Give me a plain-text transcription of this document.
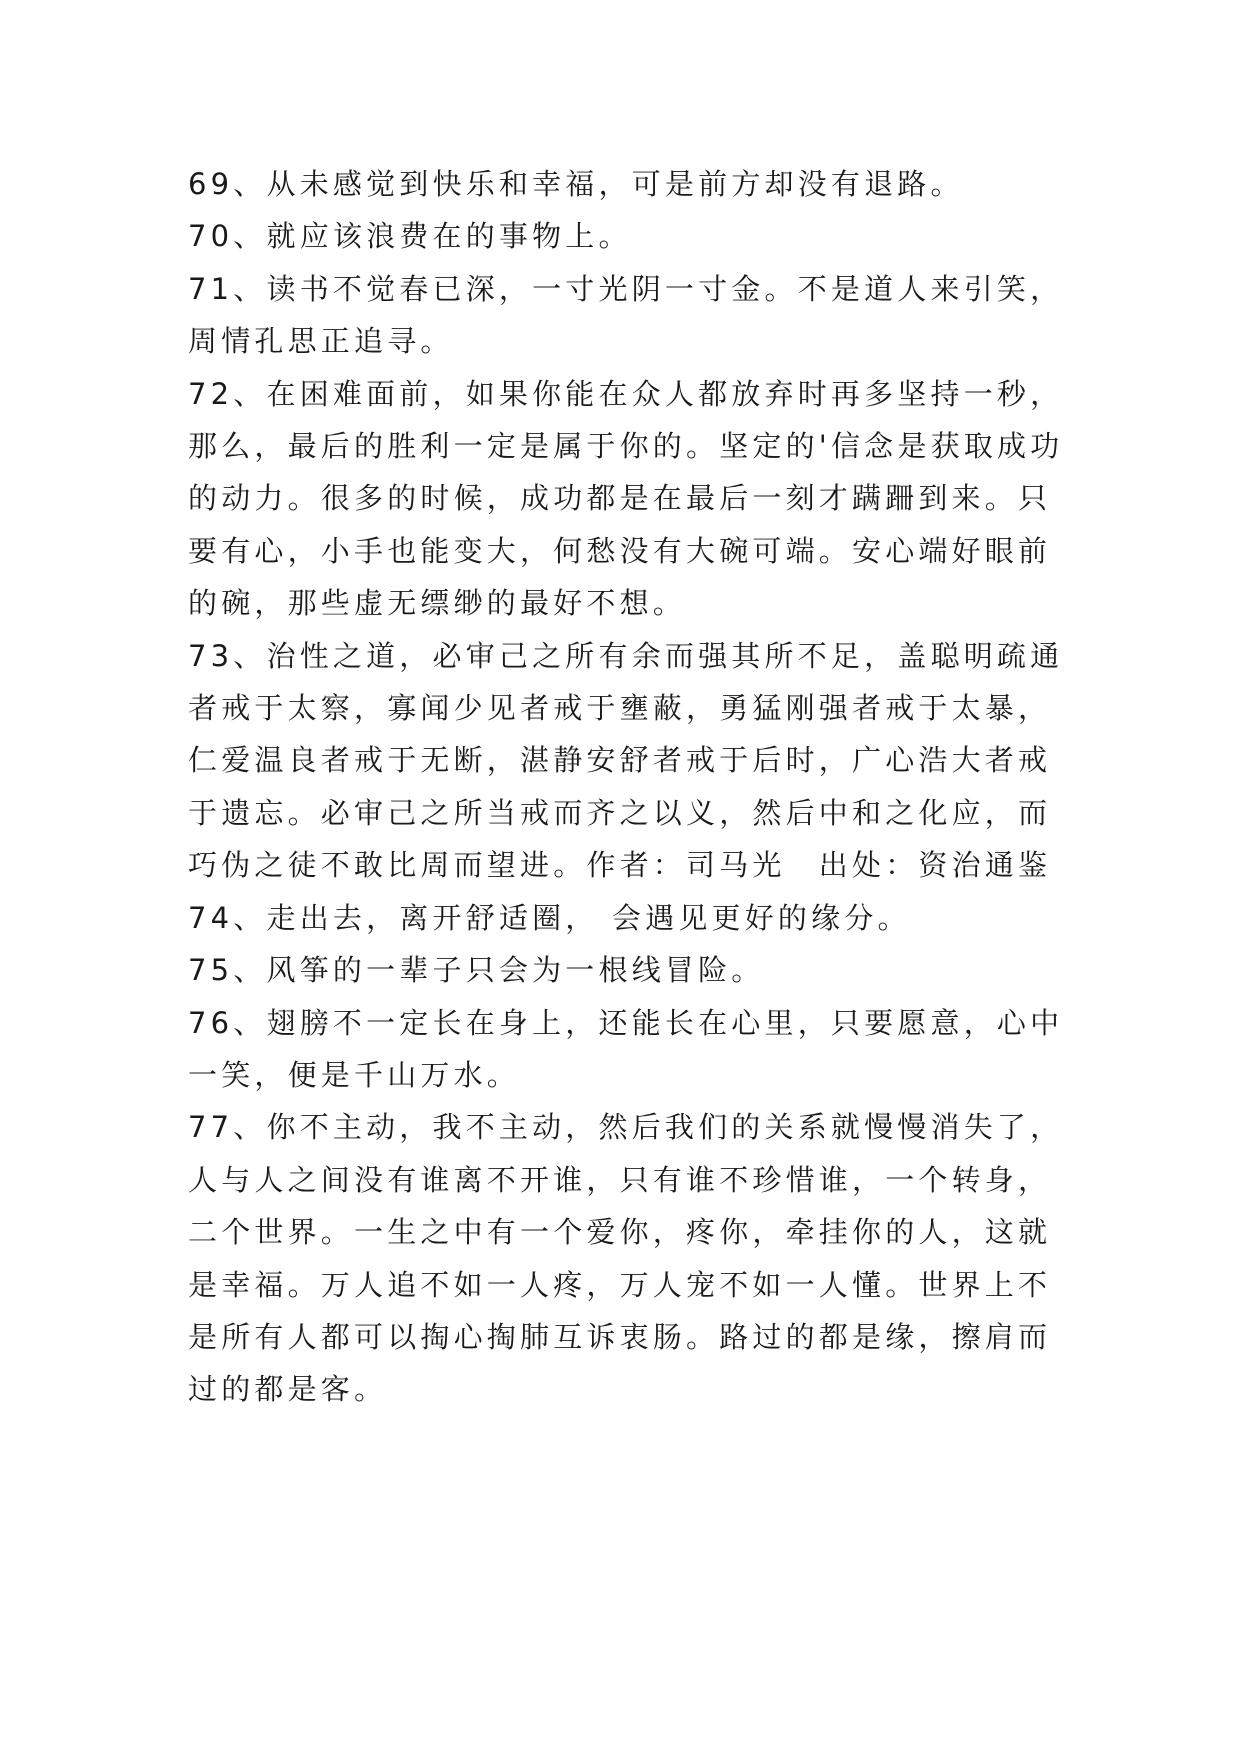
69、从未感觉到快乐和幸福，可是前方却没有退路。

70、就应该浪费在的事物上。

71、读书不觉春已深，一寸光阴一寸金。不是道人来引笑，周情孔思正追寻。

72、在困难面前，如果你能在众人都放弃时再多坚持一秒，那么，最后的胜利一定是属于你的。坚定的'信念是获取成功的动力。很多的时候，成功都是在最后一刻才蹒跚到来。只要有心，小手也能变大，何愁没有大碗可端。安心端好眼前的碗，那些虚无缥缈的最好不想。

73、治性之道，必审己之所有余而强其所不足，盖聪明疏通者戒于太察，寡闻少见者戒于壅蔽，勇猛刚强者戒于太暴，仁爱温良者戒于无断，湛静安舒者戒于后时，广心浩大者戒于遗忘。必审己之所当戒而齐之以义，然后中和之化应，而巧伪之徒不敢比周而望进。作者：司马光　出处：资治通鉴

74、走出去，离开舒适圈， 会遇见更好的缘分。

75、风筝的一辈子只会为一根线冒险。

76、翅膀不一定长在身上，还能长在心里，只要愿意，心中一笑，便是千山万水。

77、你不主动，我不主动，然后我们的关系就慢慢消失了，人与人之间没有谁离不开谁，只有谁不珍惜谁，一个转身，二个世界。一生之中有一个爱你，疼你，牵挂你的人，这就是幸福。万人追不如一人疼，万人宠不如一人懂。世界上不是所有人都可以掏心掏肺互诉衷肠。路过的都是缘，擦肩而过的都是客。
